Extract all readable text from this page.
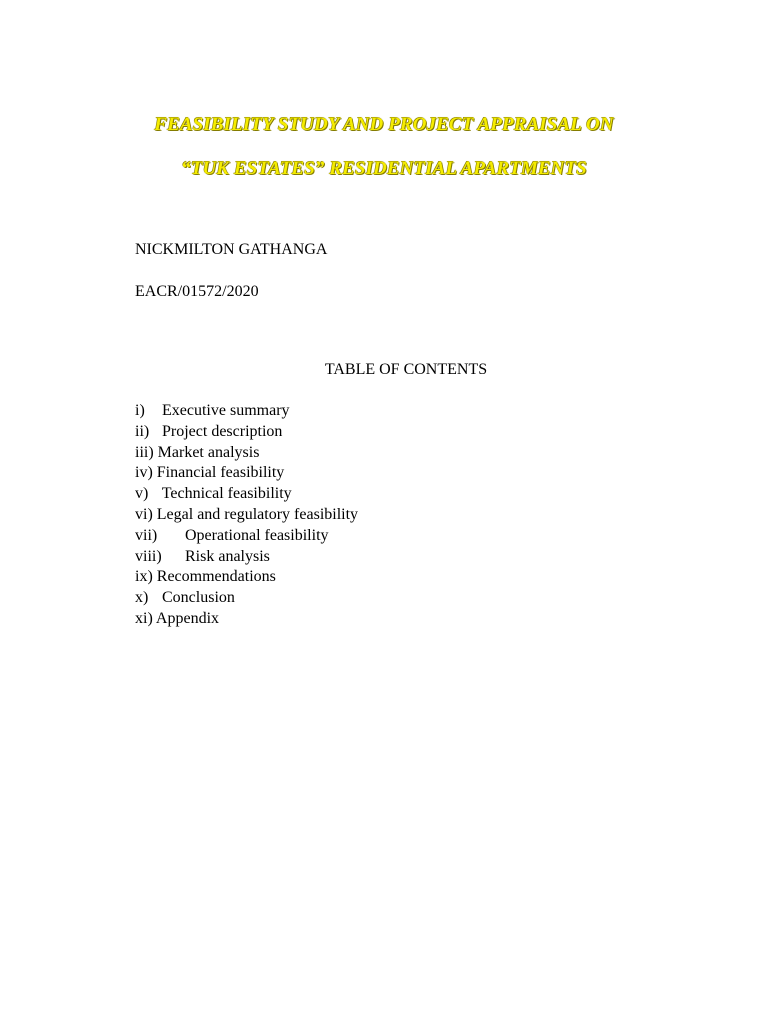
FEASIBILITY STUDY AND PROJECT APPRAISAL ON
“TUK ESTATES” RESIDENTIAL APARTMENTS
NICKMILTON GATHANGA
EACR/01572/2020
TABLE OF CONTENTS
i) Executive summary
ii) Project description
iii) Market analysis
iv) Financial feasibility
v) Technical feasibility
vi) Legal and regulatory feasibility
vii) Operational feasibility
viii) Risk analysis
ix) Recommendations
x) Conclusion
xi) Appendix
